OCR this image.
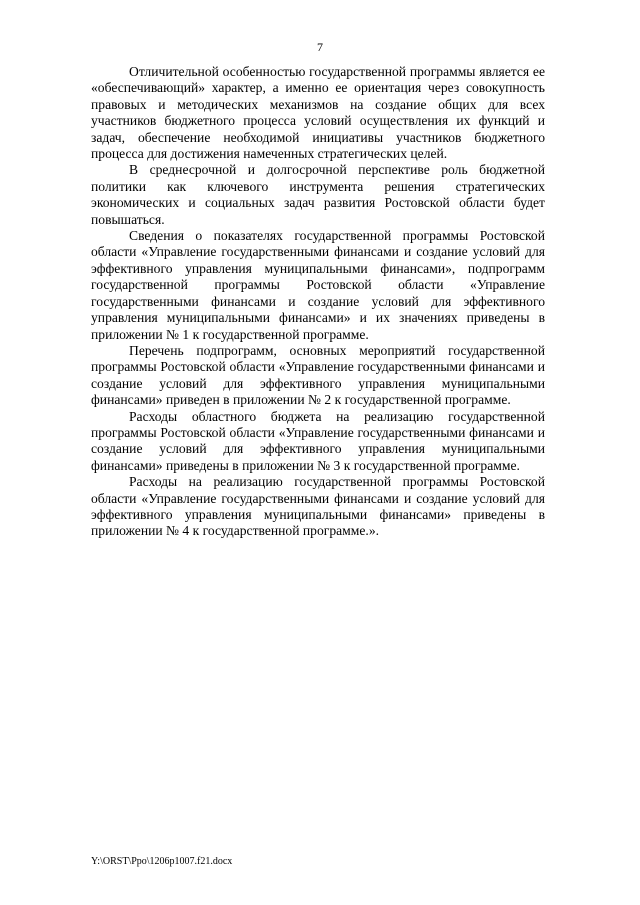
7

Отличительной особенностью государственной программы является ее «обеспечивающий» характер, а именно ее ориентация через совокупность правовых и методических механизмов на создание общих для всех участников бюджетного процесса условий осуществления их функций и задач, обеспечение необходимой инициативы участников бюджетного процесса для достижения намеченных стратегических целей.

В среднесрочной и долгосрочной перспективе роль бюджетной политики как ключевого инструмента решения стратегических экономических и социальных задач развития Ростовской области будет повышаться.

Сведения о показателях государственной программы Ростовской области «Управление государственными финансами и создание условий для эффективного управления муниципальными финансами», подпрограмм государственной программы Ростовской области «Управление государственными финансами и создание условий для эффективного управления муниципальными финансами» и их значениях приведены в приложении № 1 к государственной программе.

Перечень подпрограмм, основных мероприятий государственной программы Ростовской области «Управление государственными финансами и создание условий для эффективного управления муниципальными финансами» приведен в приложении № 2 к государственной программе.

Расходы областного бюджета на реализацию государственной программы Ростовской области «Управление государственными финансами и создание условий для эффективного управления муниципальными финансами» приведены в приложении № 3 к государственной программе.

Расходы на реализацию государственной программы Ростовской области «Управление государственными финансами и создание условий для эффективного управления муниципальными финансами» приведены в приложении № 4 к государственной программе.».

Y:\ORST\Ppo\1206p1007.f21.docx
